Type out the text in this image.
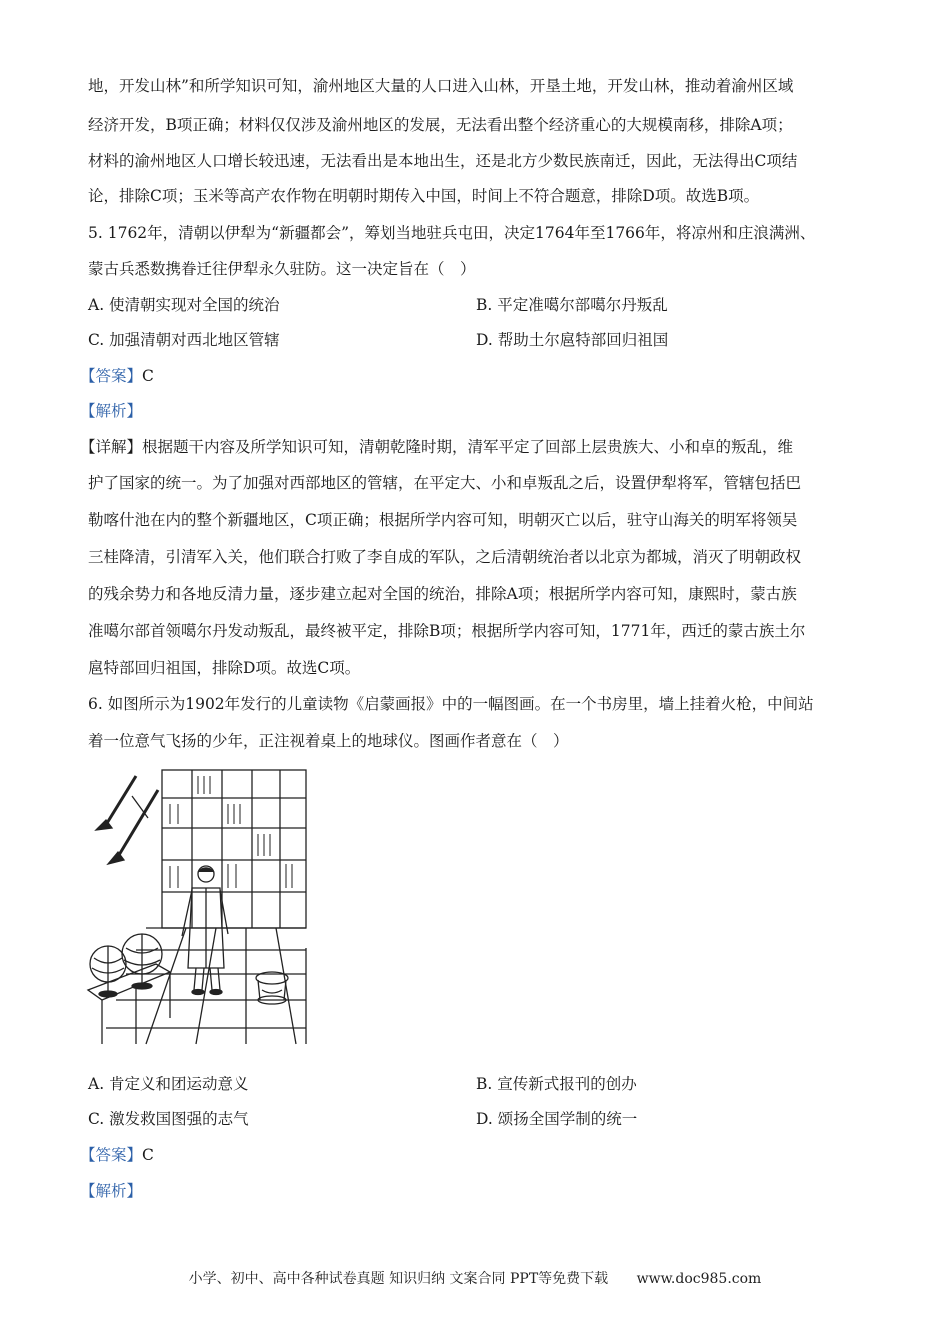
地，开发山林”和所学知识可知，渝州地区大量的人口进入山林，开垦土地，开发山林，推动着渝州区域
经济开发，B项正确；材料仅仅涉及渝州地区的发展，无法看出整个经济重心的大规模南移，排除A项；
材料的渝州地区人口增长较迅速，无法看出是本地出生，还是北方少数民族南迁，因此，无法得出C项结
论，排除C项；玉米等高产农作物在明朝时期传入中国，时间上不符合题意，排除D项。故选B项。
5. 1762年，清朝以伊犁为“新疆都会”，筹划当地驻兵屯田，决定1764年至1766年，将凉州和庄浪满洲、
蒙古兵悉数携眷迁往伊犁永久驻防。这一决定旨在（　）
A. 使清朝实现对全国的统治	B. 平定准噶尔部噶尔丹叛乱
C. 加强清朝对西北地区管辖	D. 帮助土尔扈特部回归祖国
【答案】C
【解析】
【详解】根据题干内容及所学知识可知，清朝乾隆时期，清军平定了回部上层贵族大、小和卓的叛乱，维
护了国家的统一。为了加强对西部地区的管辖，在平定大、小和卓叛乱之后，设置伊犁将军，管辖包括巴
勒喀什池在内的整个新疆地区，C项正确；根据所学内容可知，明朝灭亡以后，驻守山海关的明军将领吴
三桂降清，引清军入关，他们联合打败了李自成的军队，之后清朝统治者以北京为都城，消灭了明朝政权
的残余势力和各地反清力量，逐步建立起对全国的统治，排除A项；根据所学内容可知，康熙时，蒙古族
准噶尔部首领噶尔丹发动叛乱，最终被平定，排除B项；根据所学内容可知，1771年，西迁的蒙古族土尔
扈特部回归祖国，排除D项。故选C项。
6. 如图所示为1902年发行的儿童读物《启蒙画报》中的一幅图画。在一个书房里，墙上挂着火枪，中间站
着一位意气飞扬的少年，正注视着桌上的地球仪。图画作者意在（　）
A. 肯定义和团运动意义	B. 宣传新式报刊的创办
C. 激发救国图强的志气	D. 颂扬全国学制的统一
【答案】C
【解析】
小学、初中、高中各种试卷真题 知识归纳 文案合同 PPT等免费下载 www.doc985.com
